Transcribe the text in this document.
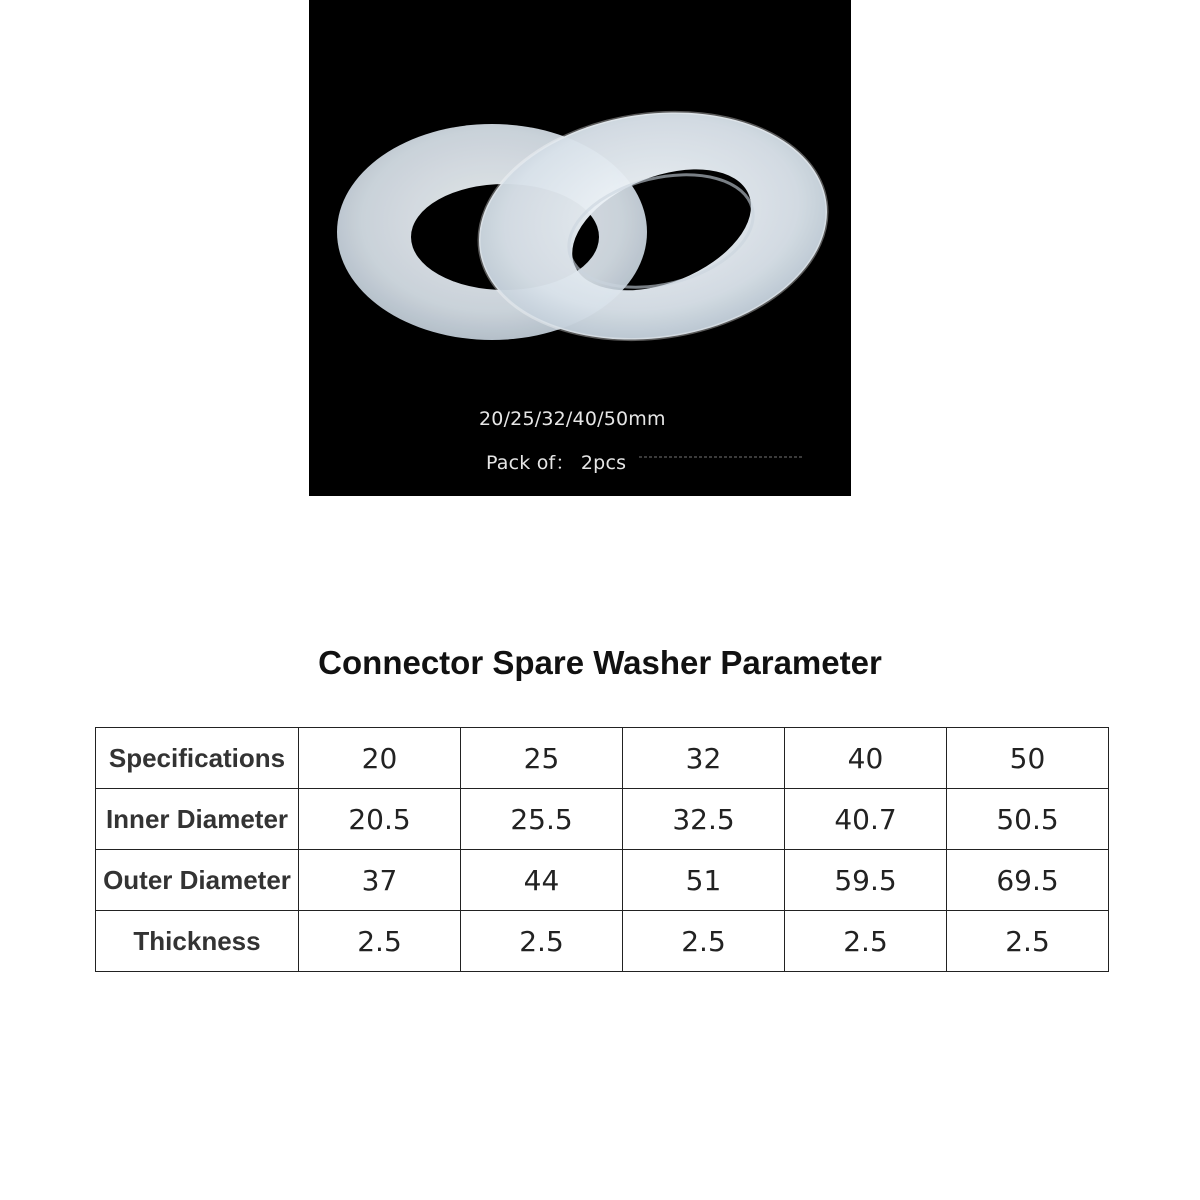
20/25/32/40/50mm
Pack of： 2pcs
Connector Spare Washer Parameter
Specifications	20	25	32	40	50
Inner Diameter	20.5	25.5	32.5	40.7	50.5
Outer Diameter	37	44	51	59.5	69.5
Thickness	2.5	2.5	2.5	2.5	2.5
